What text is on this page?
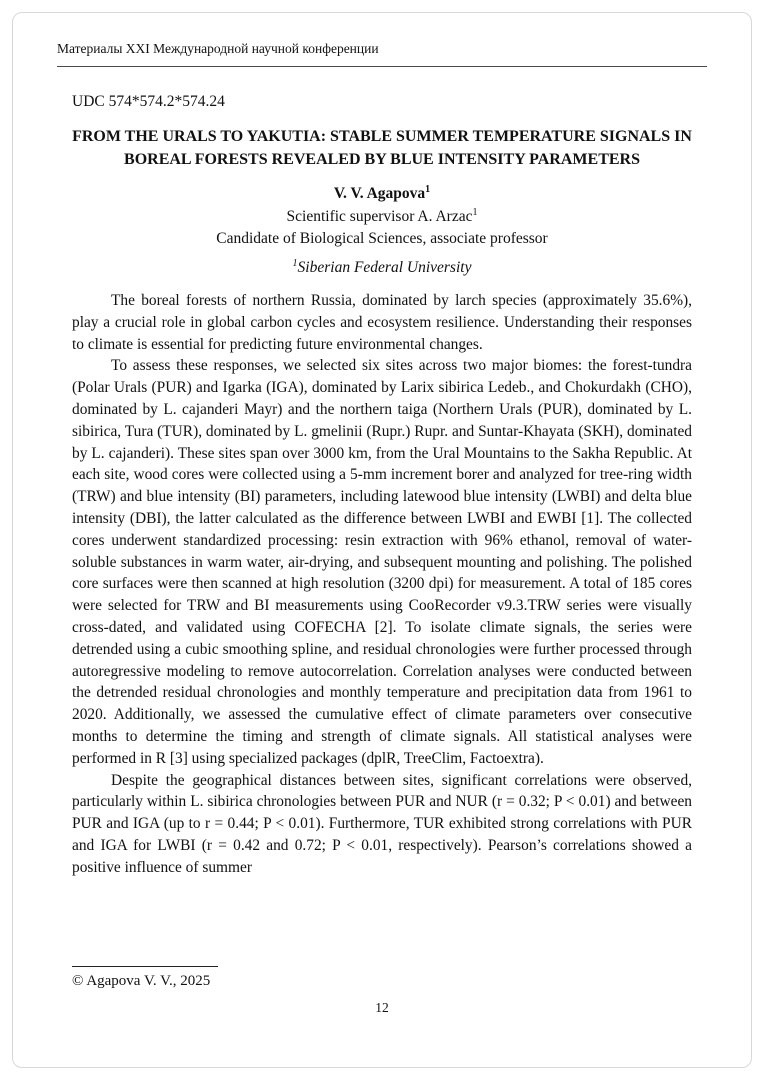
Материалы XXI Международной научной конференции
UDC 574*574.2*574.24
FROM THE URALS TO YAKUTIA: STABLE SUMMER TEMPERATURE SIGNALS IN BOREAL FORESTS REVEALED BY BLUE INTENSITY PARAMETERS
V. V. Agapova$^1$
Scientific supervisor A. Arzac$^1$
Candidate of Biological Sciences, associate professor
$^1$Siberian Federal University

The boreal forests of northern Russia, dominated by larch species (approximately 35.6%), play a crucial role in global carbon cycles and ecosystem resilience. Understanding their responses to climate is essential for predicting future environmental changes.

To assess these responses, we selected six sites across two major biomes: the forest-tundra (Polar Urals (PUR) and Igarka (IGA), dominated by Larix sibirica Ledeb., and Chokurdakh (CHO), dominated by L. cajanderi Mayr) and the northern taiga (Northern Urals (PUR), dominated by L. sibirica, Tura (TUR), dominated by L. gmelinii (Rupr.) Rupr. and Suntar-Khayata (SKH), dominated by L. cajanderi). These sites span over 3000 km, from the Ural Mountains to the Sakha Republic. At each site, wood cores were collected using a 5-mm increment borer and analyzed for tree-ring width (TRW) and blue intensity (BI) parameters, including latewood blue intensity (LWBI) and delta blue intensity (DBI), the latter calculated as the difference between LWBI and EWBI [1]. The collected cores underwent standardized processing: resin extraction with 96% ethanol, removal of water-soluble substances in warm water, air-drying, and subsequent mounting and polishing. The polished core surfaces were then scanned at high resolution (3200 dpi) for measurement. A total of 185 cores were selected for TRW and BI measurements using CooRecorder v9.3.TRW series were visually cross-dated, and validated using COFECHA [2]. To isolate climate signals, the series were detrended using a cubic smoothing spline, and residual chronologies were further processed through autoregressive modeling to remove autocorrelation. Correlation analyses were conducted between the detrended residual chronologies and monthly temperature and precipitation data from 1961 to 2020. Additionally, we assessed the cumulative effect of climate parameters over consecutive months to determine the timing and strength of climate signals. All statistical analyses were performed in R [3] using specialized packages (dplR, TreeClim, Factoextra).

Despite the geographical distances between sites, significant correlations were observed, particularly within L. sibirica chronologies between PUR and NUR (r = 0.32; P < 0.01) and between PUR and IGA (up to r = 0.44; P < 0.01). Furthermore, TUR exhibited strong correlations with PUR and IGA for LWBI (r = 0.42 and 0.72; P < 0.01, respectively). Pearson’s correlations showed a positive influence of summer

© Agapova V. V., 2025
12
